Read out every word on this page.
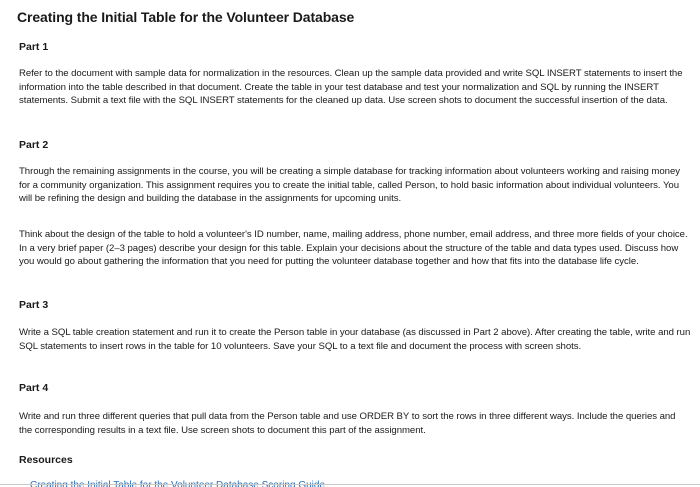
Creating the Initial Table for the Volunteer Database
Part 1
Refer to the document with sample data for normalization in the resources. Clean up the sample data provided and write SQL INSERT statements to insert the information into the table described in that document. Create the table in your test database and test your normalization and SQL by running the INSERT statements. Submit a text file with the SQL INSERT statements for the cleaned up data. Use screen shots to document the successful insertion of the data.
Part 2
Through the remaining assignments in the course, you will be creating a simple database for tracking information about volunteers working and raising money for a community organization. This assignment requires you to create the initial table, called Person, to hold basic information about individual volunteers. You will be refining the design and building the database in the assignments for upcoming units.
Think about the design of the table to hold a volunteer's ID number, name, mailing address, phone number, email address, and three more fields of your choice. In a very brief paper (2–3 pages) describe your design for this table. Explain your decisions about the structure of the table and data types used. Discuss how you would go about gathering the information that you need for putting the volunteer database together and how that fits into the database life cycle.
Part 3
Write a SQL table creation statement and run it to create the Person table in your database (as discussed in Part 2 above). After creating the table, write and run SQL statements to insert rows in the table for 10 volunteers. Save your SQL to a text file and document the process with screen shots.
Part 4
Write and run three different queries that pull data from the Person table and use ORDER BY to sort the rows in three different ways. Include the queries and the corresponding results in a text file. Use screen shots to document this part of the assignment.
Resources
